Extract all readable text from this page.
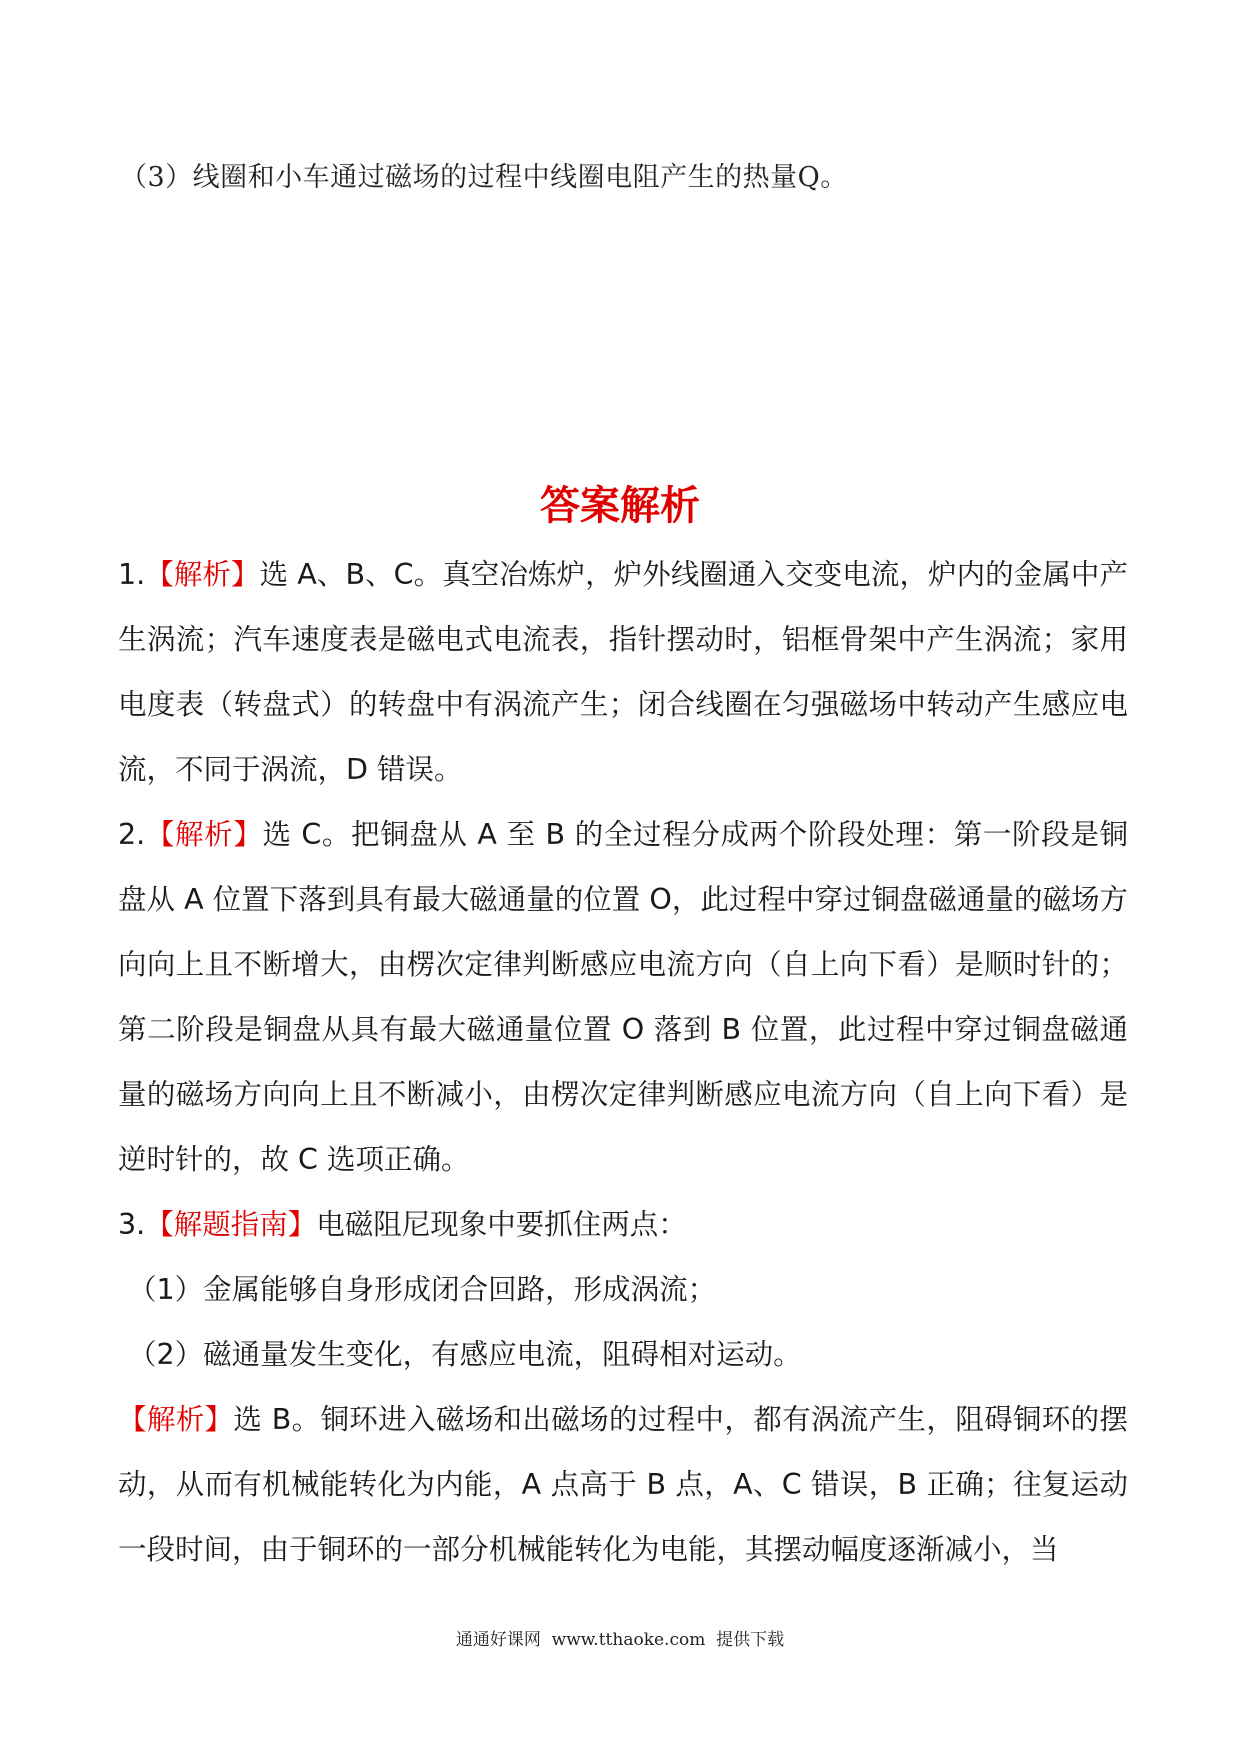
（3）线圈和小车通过磁场的过程中线圈电阻产生的热量Q。
答案解析

1.【解析】选 A、B、C。真空冶炼炉，炉外线圈通入交变电流，炉内的金属中产生涡流；汽车速度表是磁电式电流表，指针摆动时，铝框骨架中产生涡流；家用电度表（转盘式）的转盘中有涡流产生；闭合线圈在匀强磁场中转动产生感应电流，不同于涡流，D 错误。

2.【解析】选 C。把铜盘从 A 至 B 的全过程分成两个阶段处理：第一阶段是铜盘从 A 位置下落到具有最大磁通量的位置 O，此过程中穿过铜盘磁通量的磁场方向向上且不断增大，由楞次定律判断感应电流方向（自上向下看）是顺时针的；第二阶段是铜盘从具有最大磁通量位置 O 落到 B 位置，此过程中穿过铜盘磁通量的磁场方向向上且不断减小，由楞次定律判断感应电流方向（自上向下看）是逆时针的，故 C 选项正确。

3.【解题指南】电磁阻尼现象中要抓住两点：

（1）金属能够自身形成闭合回路，形成涡流；

（2）磁通量发生变化，有感应电流，阻碍相对运动。

【解析】选 B。铜环进入磁场和出磁场的过程中，都有涡流产生，阻碍铜环的摆动，从而有机械能转化为内能，A 点高于 B 点，A、C 错误，B 正确；往复运动一段时间，由于铜环的一部分机械能转化为电能，其摆动幅度逐渐减小，当

通通好课网  www.tthaoke.com  提供下载
